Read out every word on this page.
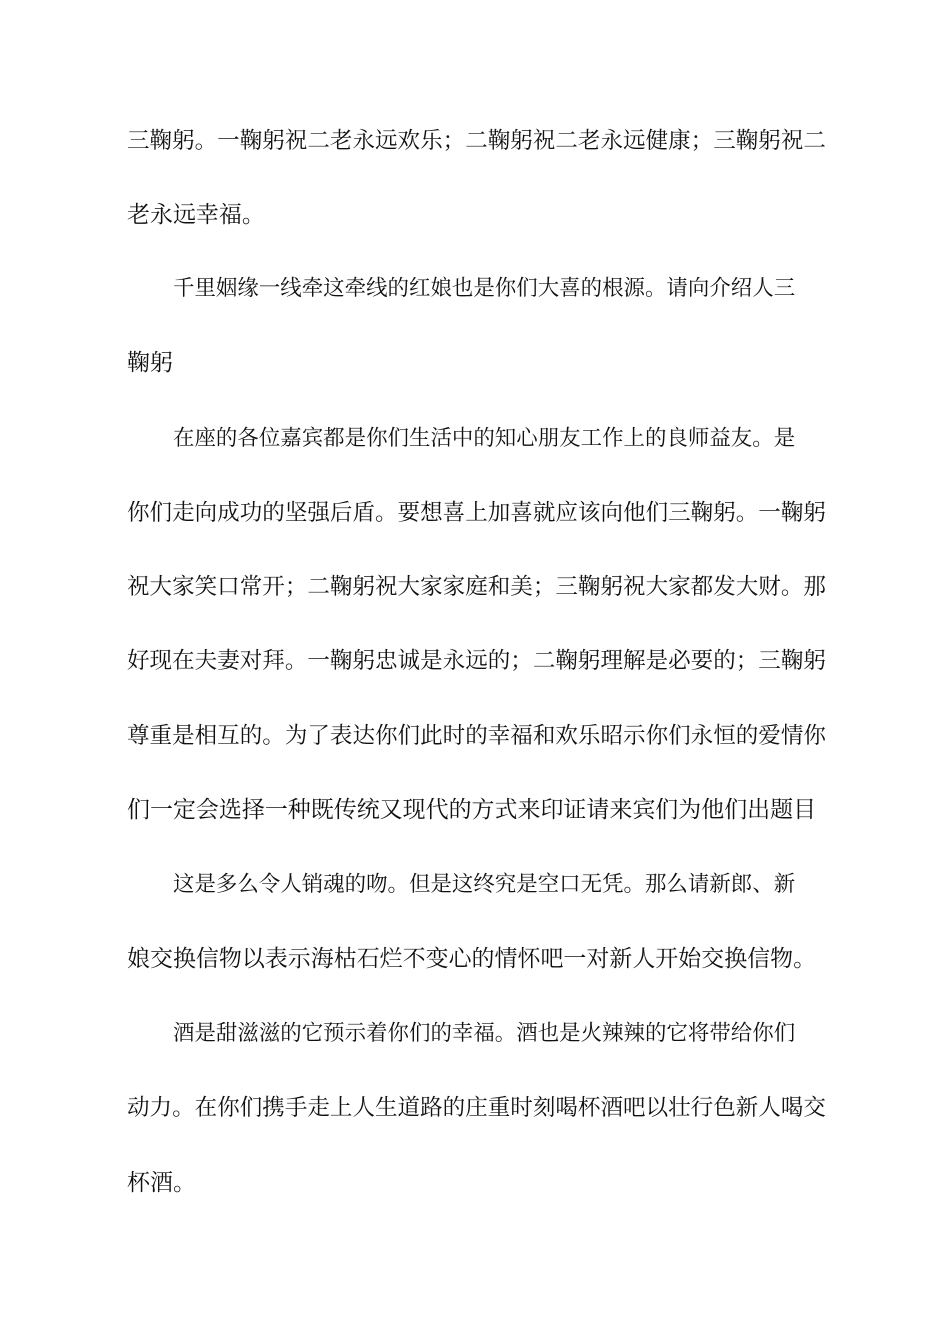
三鞠躬。一鞠躬祝二老永远欢乐；二鞠躬祝二老永远健康；三鞠躬祝二

老永远幸福。

千里姻缘一线牵这牵线的红娘也是你们大喜的根源。请向介绍人三

鞠躬

在座的各位嘉宾都是你们生活中的知心朋友工作上的良师益友。是

你们走向成功的坚强后盾。要想喜上加喜就应该向他们三鞠躬。一鞠躬

祝大家笑口常开；二鞠躬祝大家家庭和美；三鞠躬祝大家都发大财。那

好现在夫妻对拜。一鞠躬忠诚是永远的；二鞠躬理解是必要的；三鞠躬

尊重是相互的。为了表达你们此时的幸福和欢乐昭示你们永恒的爱情你

们一定会选择一种既传统又现代的方式来印证请来宾们为他们出题目

这是多么令人销魂的吻。但是这终究是空口无凭。那么请新郎、新

娘交换信物以表示海枯石烂不变心的情怀吧一对新人开始交换信物。

酒是甜滋滋的它预示着你们的幸福。酒也是火辣辣的它将带给你们

动力。在你们携手走上人生道路的庄重时刻喝杯酒吧以壮行色新人喝交

杯酒。
